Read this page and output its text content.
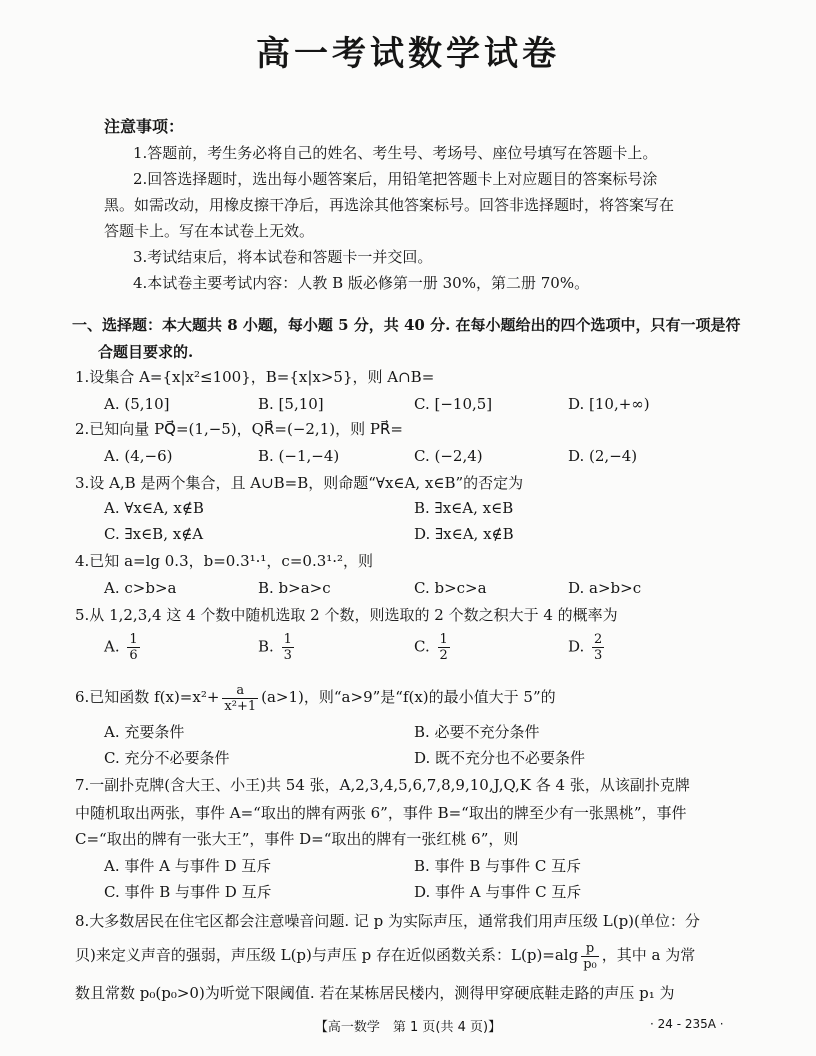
高一考试数学试卷
注意事项：
1.答题前，考生务必将自己的姓名、考生号、考场号、座位号填写在答题卡上。
2.回答选择题时，选出每小题答案后，用铅笔把答题卡上对应题目的答案标号涂
黑。如需改动，用橡皮擦干净后，再选涂其他答案标号。回答非选择题时，将答案写在
答题卡上。写在本试卷上无效。
3.考试结束后，将本试卷和答题卡一并交回。
4.本试卷主要考试内容：人教 B 版必修第一册 30%，第二册 70%。
一、选择题：本大题共 8 小题，每小题 5 分，共 40 分. 在每小题给出的四个选项中，只有一项是符
合题目要求的.
1.设集合 A={x|x²≤100}，B={x|x>5}，则 A∩B=
A. (5,10]	B. [5,10]	C. [−10,5]	D. [10,+∞)
2.已知向量 PQ⃗=(1,−5)，QR⃗=(−2,1)，则 PR⃗=
A. (4,−6)	B. (−1,−4)	C. (−2,4)	D. (2,−4)
3.设 A,B 是两个集合，且 A∪B=B，则命题“∀x∈A, x∈B”的否定为
A. ∀x∈A, x∉B	B. ∃x∈A, x∈B
C. ∃x∈B, x∉A	D. ∃x∈A, x∉B
4.已知 a=lg 0.3，b=0.3¹·¹，c=0.3¹·²，则
A. c>b>a	B. b>a>c	C. b>c>a	D. a>b>c
5.从 1,2,3,4 这 4 个数中随机选取 2 个数，则选取的 2 个数之积大于 4 的概率为
A. $\frac{1}{6}$	B. $\frac{1}{3}$	C. $\frac{1}{2}$	D. $\frac{2}{3}$
6.已知函数 $f(x)=x^2+ \frac{a}{\text{x²+1}} (a>1)$，则“a>9”是“f(x)的最小值大于 5”的
A. 充要条件	B. 必要不充分条件
C. 充分不必要条件	D. 既不充分也不必要条件
7.一副扑克牌(含大王、小王)共 54 张，A,2,3,4,5,6,7,8,9,10,J,Q,K 各 4 张，从该副扑克牌
中随机取出两张，事件 A=“取出的牌有两张 6”，事件 B=“取出的牌至少有一张黑桃”，事件
C=“取出的牌有一张大王”，事件 D=“取出的牌有一张红桃 6”，则
A. 事件 A 与事件 D 互斥	B. 事件 B 与事件 C 互斥
C. 事件 B 与事件 D 互斥	D. 事件 A 与事件 C 互斥
8.大多数居民在住宅区都会注意噪音问题. 记 p 为实际声压，通常我们用声压级 L(p)(单位：分
贝)来定义声音的强弱，声压级 L(p)与声压 p 存在近似函数关系：$L(p)=alg \frac{p}{\text{p₀}}$ ，其中 a 为常
数且常数 p₀(p₀>0)为听觉下限阈值. 若在某栋居民楼内，测得甲穿硬底鞋走路的声压 p₁ 为
【高一数学　第 1 页(共 4 页)】	· 24 - 235A ·
